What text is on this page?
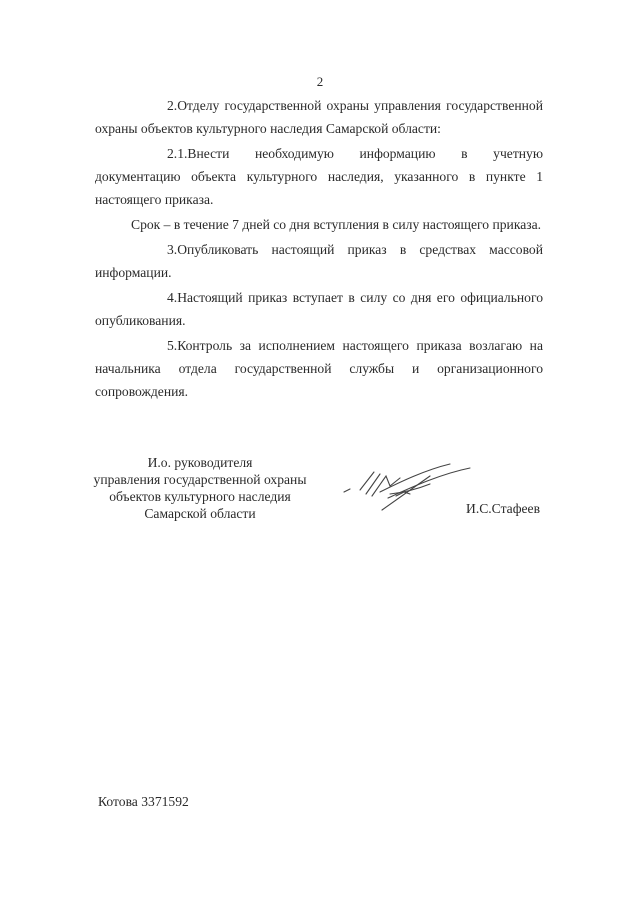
2

2.Отделу государственной охраны управления государственной охраны объектов культурного наследия Самарской области:

2.1.Внести необходимую информацию в учетную документацию объекта культурного наследия, указанного в пункте 1 настоящего приказа.

Срок – в течение 7 дней со дня вступления в силу настоящего приказа.

3.Опубликовать настоящий приказ в средствах массовой информации.

4.Настоящий приказ вступает в силу со дня его официального опубликования.

5.Контроль за исполнением настоящего приказа возлагаю на начальника отдела государственной службы и организационного сопровождения.

И.о. руководителя
управления государственной охраны
объектов культурного наследия
Самарской области	И.С.Стафеев
Котова 3371592
